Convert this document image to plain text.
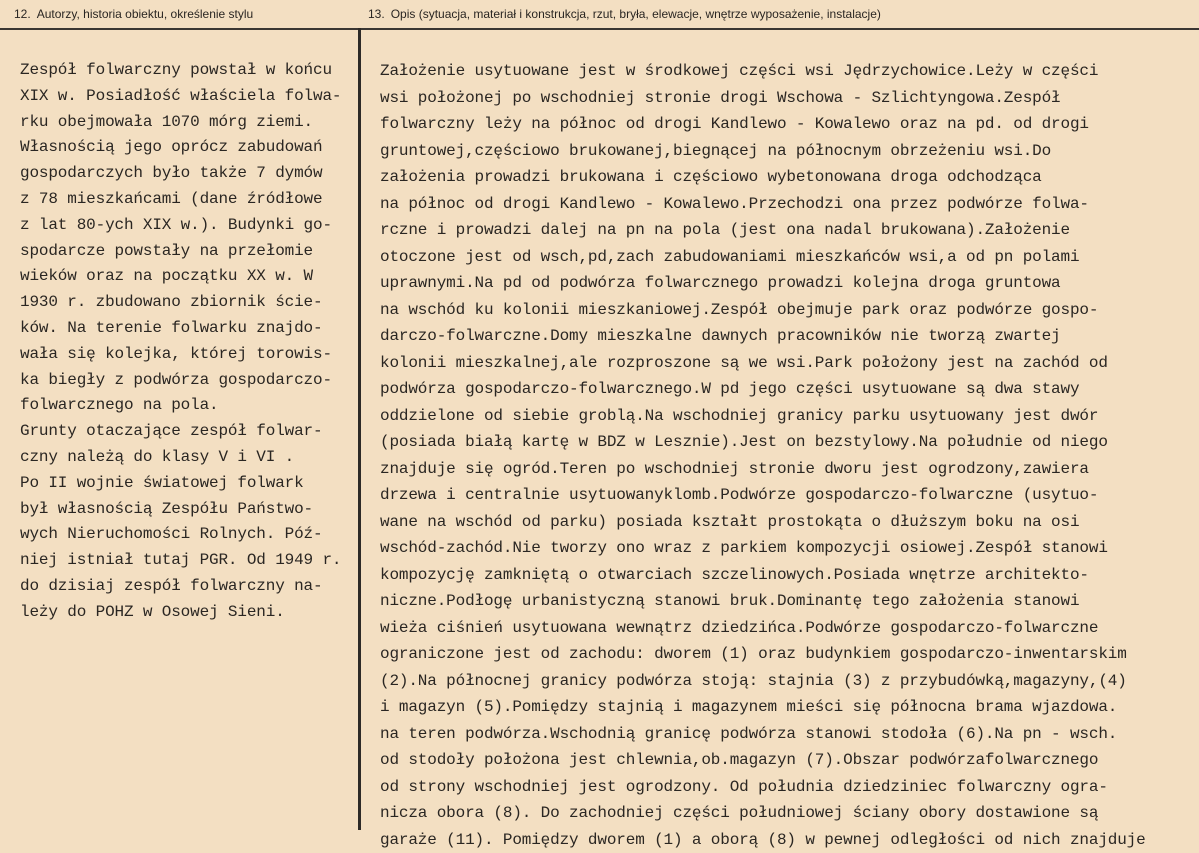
12. Autorzy, historia obiektu, określenie stylu	13. Opis (sytuacja, materiał i konstrukcja, rzut, bryła, elewacje, wnętrze wyposażenie, instalacje)
Zespół folwarczny powstał w końcu
XIX w. Posiadłość właściela folwa-
rku obejmowała 1070 mórg ziemi.
Własnością jego oprócz zabudowań
gospodarczych było także 7 dymów
z 78 mieszkańcami (dane źródłowe
z lat 80-ych XIX w.). Budynki go-
spodarcze powstały na przełomie
wieków oraz na początku XX w. W
1930 r. zbudowano zbiornik ście-
ków. Na terenie folwarku znajdo-
wała się kolejka, której torowis-
ka biegły z podwórza gospodarczo-
folwarcznego na pola.
Grunty otaczające zespół folwar-
czny należą do klasy V i VI .
Po II wojnie światowej folwark
był własnością Zespółu Państwo-
wych Nieruchomości Rolnych. Póź-
niej istniał tutaj PGR. Od 1949 r.
do dzisiaj zespół folwarczny na-
leży do POHZ w Osowej Sieni.
Założenie usytuowane jest w środkowej części wsi Jędrzychowice.Leży w części
wsi położonej po wschodniej stronie drogi Wschowa - Szlichtyngowa.Zespół
folwarczny leży na północ od drogi Kandlewo - Kowalewo oraz na pd. od drogi
gruntowej,częściowo brukowanej,biegnącej na północnym obrzeżeniu wsi.Do
założenia prowadzi brukowana i częściowo wybetonowana droga odchodząca
na północ od drogi Kandlewo - Kowalewo.Przechodzi ona przez podwórze folwa-
rczne i prowadzi dalej na pn na pola (jest ona nadal brukowana).Założenie
otoczone jest od wsch,pd,zach zabudowaniami mieszkańców wsi,a od pn polami
uprawnymi.Na pd od podwórza folwarcznego prowadzi kolejna droga gruntowa
na wschód ku kolonii mieszkaniowej.Zespół obejmuje park oraz podwórze gospo-
darczo-folwarczne.Domy mieszkalne dawnych pracowników nie tworzą zwartej
kolonii mieszkalnej,ale rozproszone są we wsi.Park położony jest na zachód od
podwórza gospodarczo-folwarcznego.W pd jego części usytuowane są dwa stawy
oddzielone od siebie groblą.Na wschodniej granicy parku usytuowany jest dwór
(posiada białą kartę w BDZ w Lesznie).Jest on bezstylowy.Na południe od niego
znajduje się ogród.Teren po wschodniej stronie dworu jest ogrodzony,zawiera
drzewa i centralnie usytuowanyklomb.Podwórze gospodarczo-folwarczne (usytuo-
wane na wschód od parku) posiada kształt prostokąta o dłuższym boku na osi
wschód-zachód.Nie tworzy ono wraz z parkiem kompozycji osiowej.Zespół stanowi
kompozycję zamkniętą o otwarciach szczelinowych.Posiada wnętrze architekto-
niczne.Podłogę urbanistyczną stanowi bruk.Dominantę tego założenia stanowi
wieża ciśnień usytuowana wewnątrz dziedzińca.Podwórze gospodarczo-folwarczne
ograniczone jest od zachodu: dworem (1) oraz budynkiem gospodarczo-inwentarskim
(2).Na północnej granicy podwórza stoją: stajnia (3) z przybudówką,magazyny,(4)
i magazyn (5).Pomiędzy stajnią i magazynem mieści się północna brama wjazdowa.
na teren podwórza.Wschodnią granicę podwórza stanowi stodoła (6).Na pn - wsch.
od stodoły położona jest chlewnia,ob.magazyn (7).Obszar podwórzafolwarcznego
od strony wschodniej jest ogrodzony. Od południa dziedziniec folwarczny ogra-
nicza obora (8). Do zachodniej części południowej ściany obory dostawione są
garaże (11). Pomiędzy dworem (1) a oborą (8) w pewnej odległości od nich znajduje
